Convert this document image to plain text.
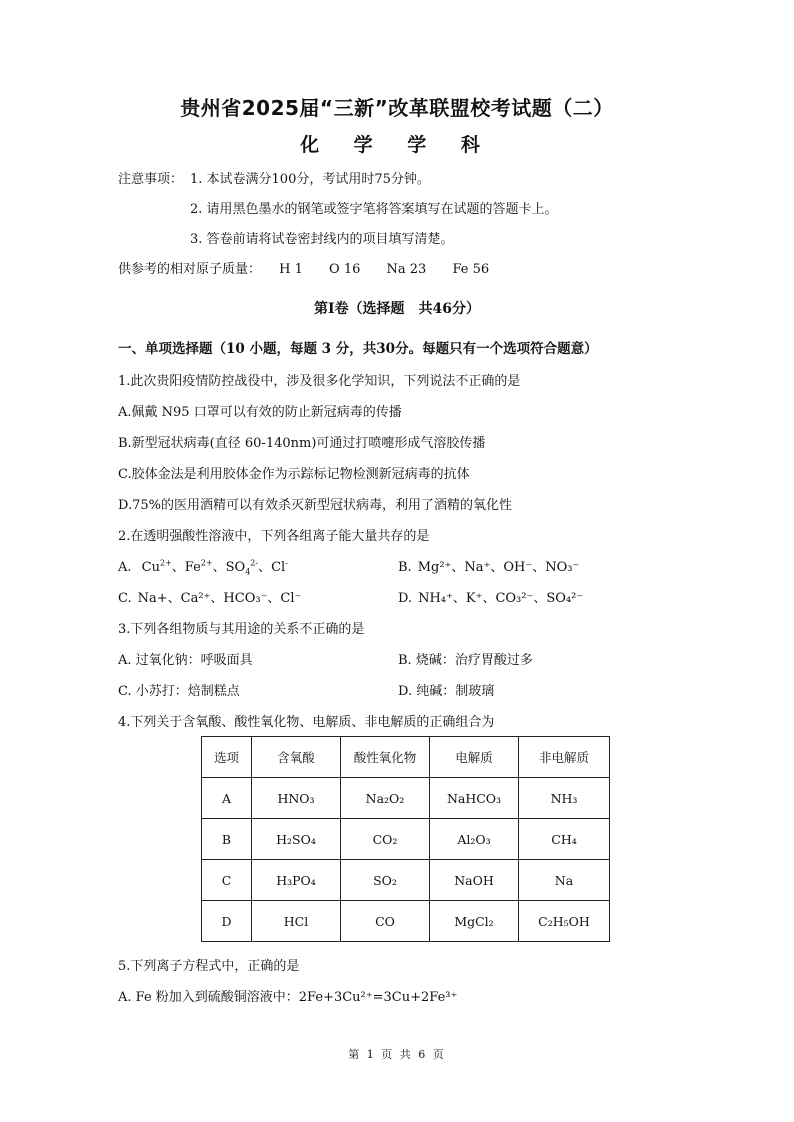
贵州省2025届“三新”改革联盟校考试题（二）
化 学 学 科
注意事项： 1. 本试卷满分100分，考试用时75分钟。
2. 请用黑色墨水的钢笔或签字笔将答案填写在试题的答题卡上。
3. 答卷前请将试卷密封线内的项目填写清楚。
供参考的相对原子质量： H 1 O 16 Na 23 Fe 56
第Ⅰ卷（选择题　共46分）
一、单项选择题（10 小题，每题 3 分，共30分。每题只有一个选项符合题意）
1.此次贵阳疫情防控战役中，涉及很多化学知识，下列说法不正确的是
A.佩戴 N95 口罩可以有效的防止新冠病毒的传播
B.新型冠状病毒(直径 60-140nm)可通过打喷嚏形成气溶胶传播
C.胶体金法是利用胶体金作为示踪标记物检测新冠病毒的抗体
D.75%的医用酒精可以有效杀灭新型冠状病毒，利用了酒精的氧化性
2.在透明强酸性溶液中，下列各组离子能大量共存的是
A. $Cu^{2+}$、$Fe^{2+}$、$SO_4^{2-}$、Cl-	B. Mg²⁺、Na⁺、OH⁻、NO₃⁻
C. Na+、Ca²⁺、HCO₃⁻、Cl⁻	D. NH₄⁺、K⁺、CO₃²⁻、SO₄²⁻
3.下列各组物质与其用途的关系不正确的是
A. 过氧化钠：呼吸面具	B. 烧碱：治疗胃酸过多
C. 小苏打：焙制糕点	D. 纯碱：制玻璃
4.下列关于含氧酸、酸性氧化物、电解质、非电解质的正确组合为
选项	含氧酸	酸性氧化物	电解质	非电解质
A	HNO₃	Na₂O₂	NaHCO₃	NH₃
B	H₂SO₄	CO₂	Al₂O₃	CH₄
C	H₃PO₄	SO₂	NaOH	Na
D	HCl	CO	MgCl₂	C₂H₅OH
5.下列离子方程式中，正确的是
A. Fe 粉加入到硫酸铜溶液中：2Fe+3Cu²⁺=3Cu+2Fe³⁺
第 1 页 共 6 页
